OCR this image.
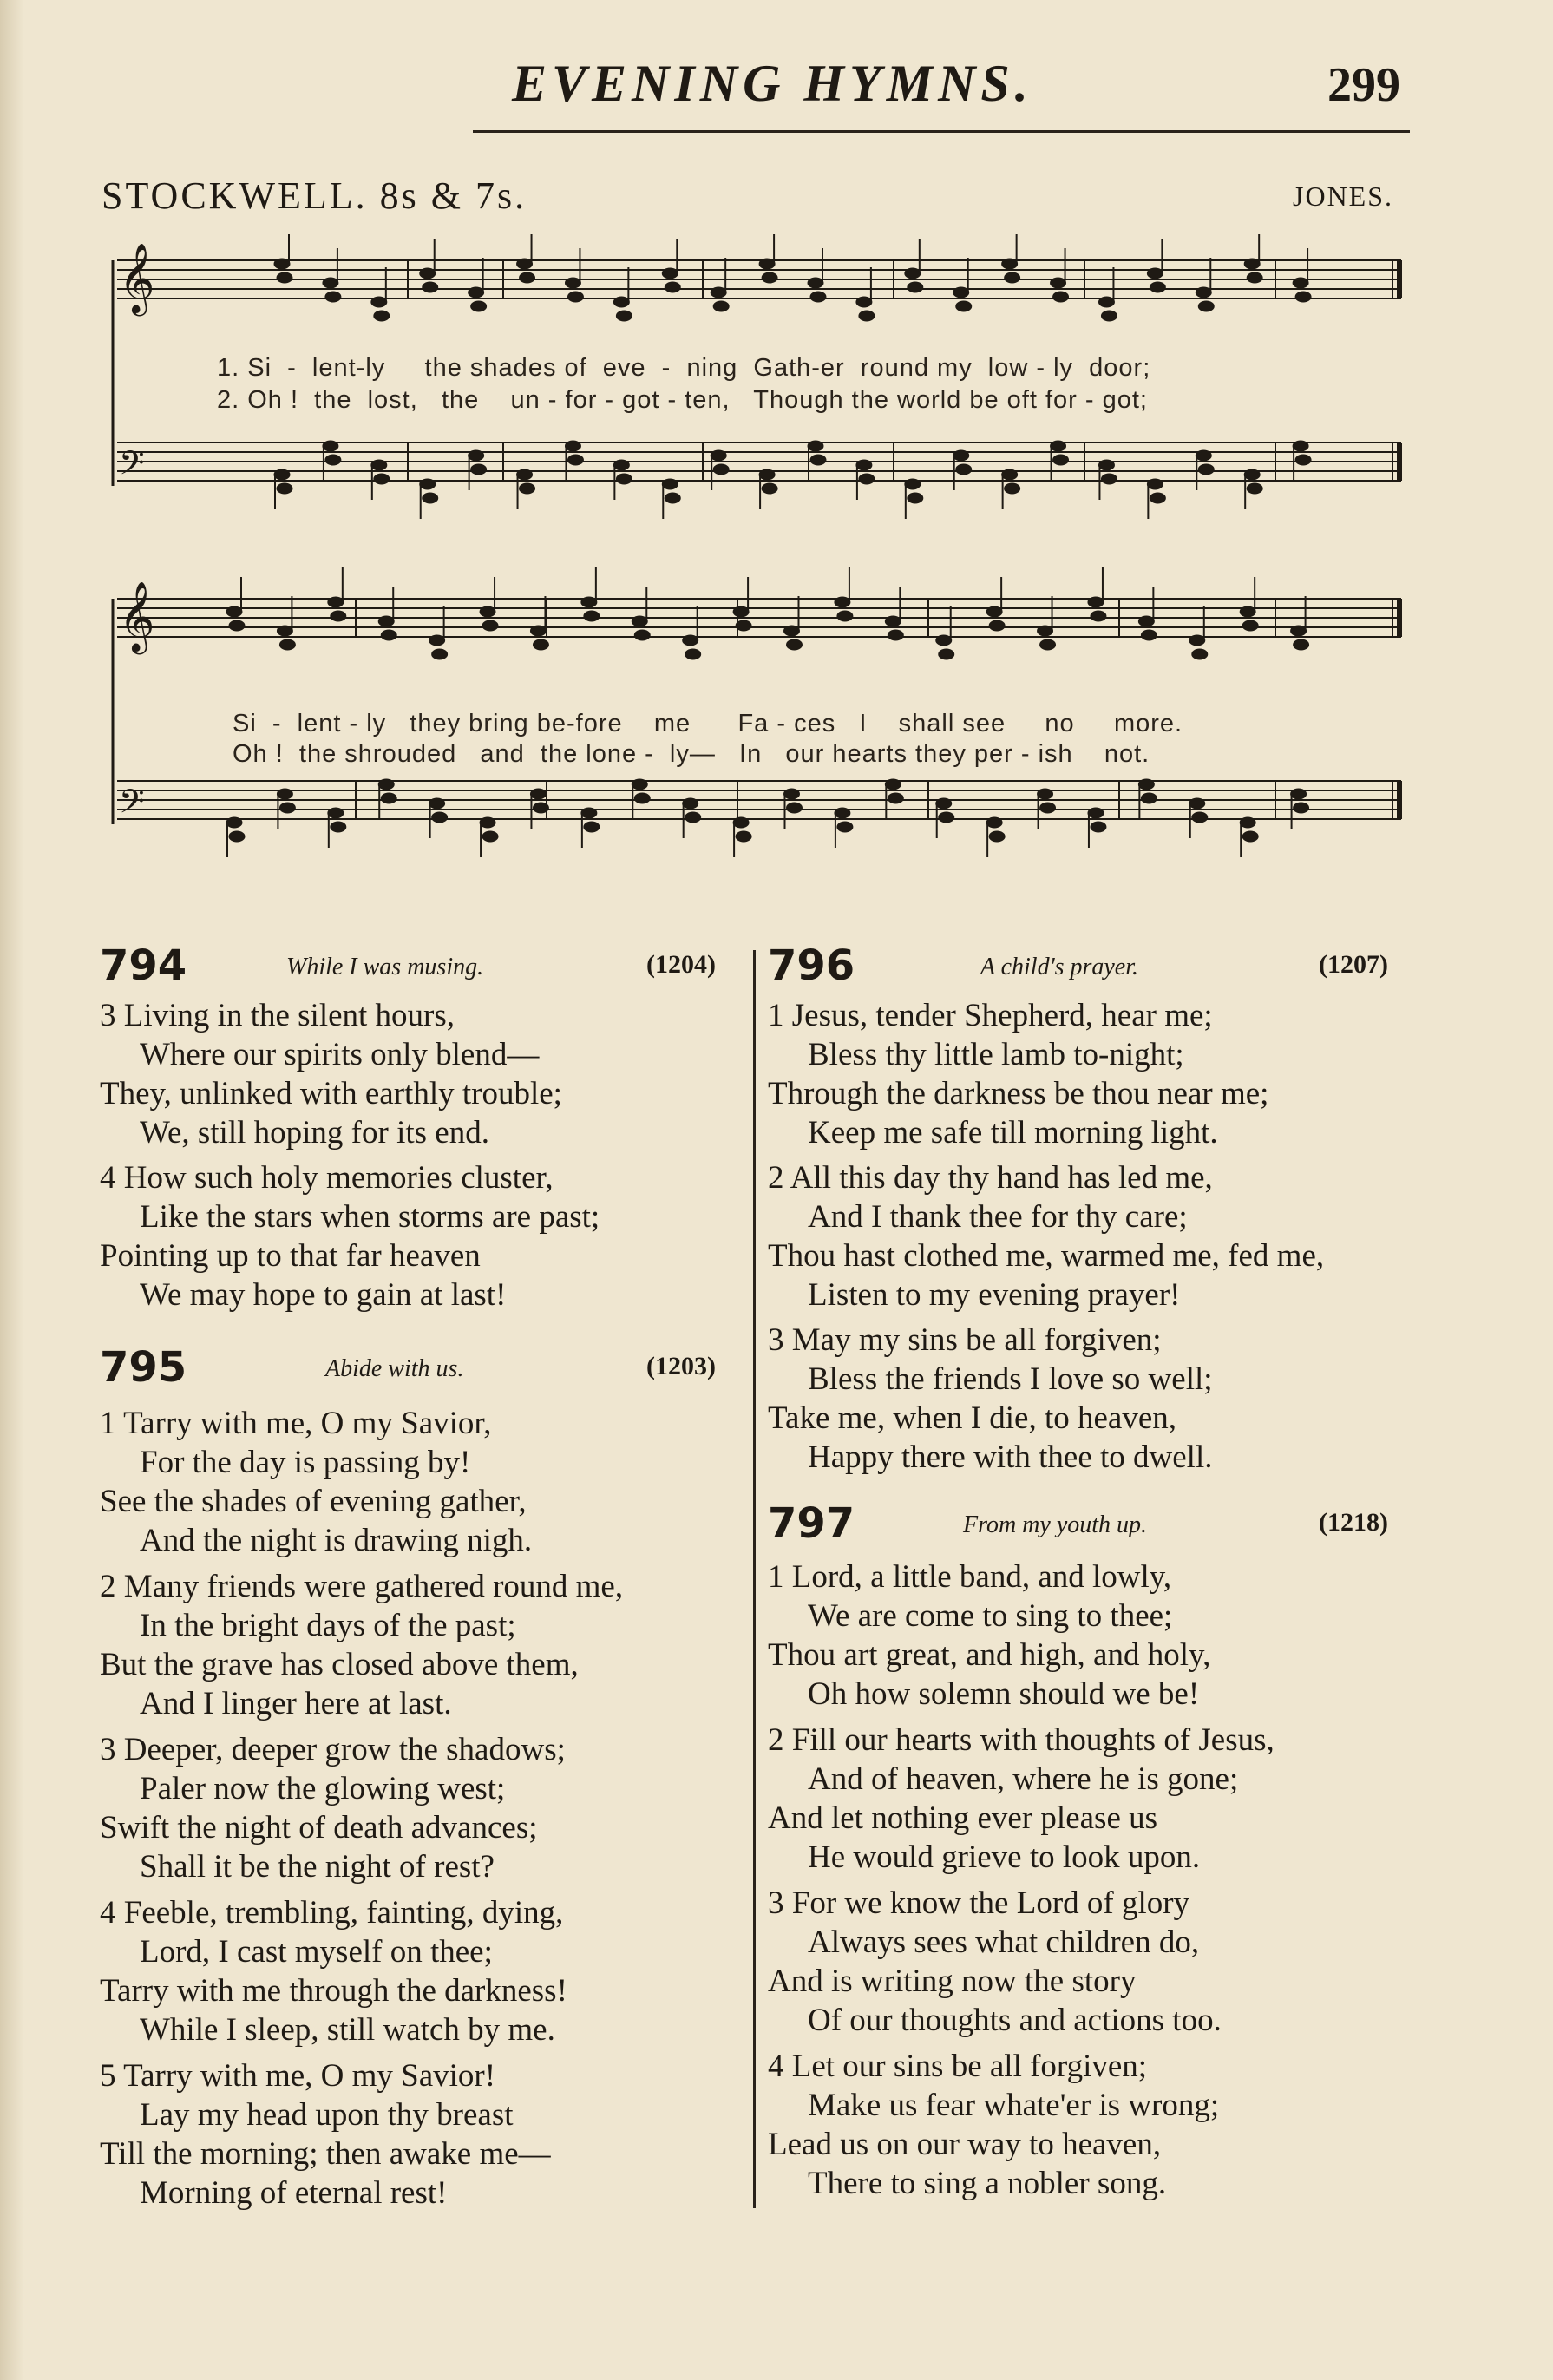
EVENING HYMNS.	299
STOCKWELL. 8s & 7s.	JONES.
𝄞
𝄢
𝄞
𝄢
1. Si  -  lent-ly     the shades of  eve  -  ning  Gath-er  round my  low - ly  door;
2. Oh !  the  lost,   the    un - for - got - ten,   Though the world be oft for - got;
Si  -  lent - ly   they bring be-fore    me      Fa - ces   I    shall see     no     more.
Oh !  the shrouded   and  the lone -  ly—   In   our hearts they per - ish    not.
794	While I was musing.	(1204)
3 Living in the silent hours,
Where our spirits only blend—
They, unlinked with earthly trouble;
We, still hoping for its end.
4 How such holy memories cluster,
Like the stars when storms are past;
Pointing up to that far heaven
We may hope to gain at last!
795	Abide with us.	(1203)
1 Tarry with me, O my Savior,
For the day is passing by!
See the shades of evening gather,
And the night is drawing nigh.
2 Many friends were gathered round me,
In the bright days of the past;
But the grave has closed above them,
And I linger here at last.
3 Deeper, deeper grow the shadows;
Paler now the glowing west;
Swift the night of death advances;
Shall it be the night of rest?
4 Feeble, trembling, fainting, dying,
Lord, I cast myself on thee;
Tarry with me through the darkness!
While I sleep, still watch by me.
5 Tarry with me, O my Savior!
Lay my head upon thy breast
Till the morning; then awake me—
Morning of eternal rest!
796	A child's prayer.	(1207)
1 Jesus, tender Shepherd, hear me;
Bless thy little lamb to-night;
Through the darkness be thou near me;
Keep me safe till morning light.
2 All this day thy hand has led me,
And I thank thee for thy care;
Thou hast clothed me, warmed me, fed me,
Listen to my evening prayer!
3 May my sins be all forgiven;
Bless the friends I love so well;
Take me, when I die, to heaven,
Happy there with thee to dwell.
797	From my youth up.	(1218)
1 Lord, a little band, and lowly,
We are come to sing to thee;
Thou art great, and high, and holy,
Oh how solemn should we be!
2 Fill our hearts with thoughts of Jesus,
And of heaven, where he is gone;
And let nothing ever please us
He would grieve to look upon.
3 For we know the Lord of glory
Always sees what children do,
And is writing now the story
Of our thoughts and actions too.
4 Let our sins be all forgiven;
Make us fear whate'er is wrong;
Lead us on our way to heaven,
There to sing a nobler song.
